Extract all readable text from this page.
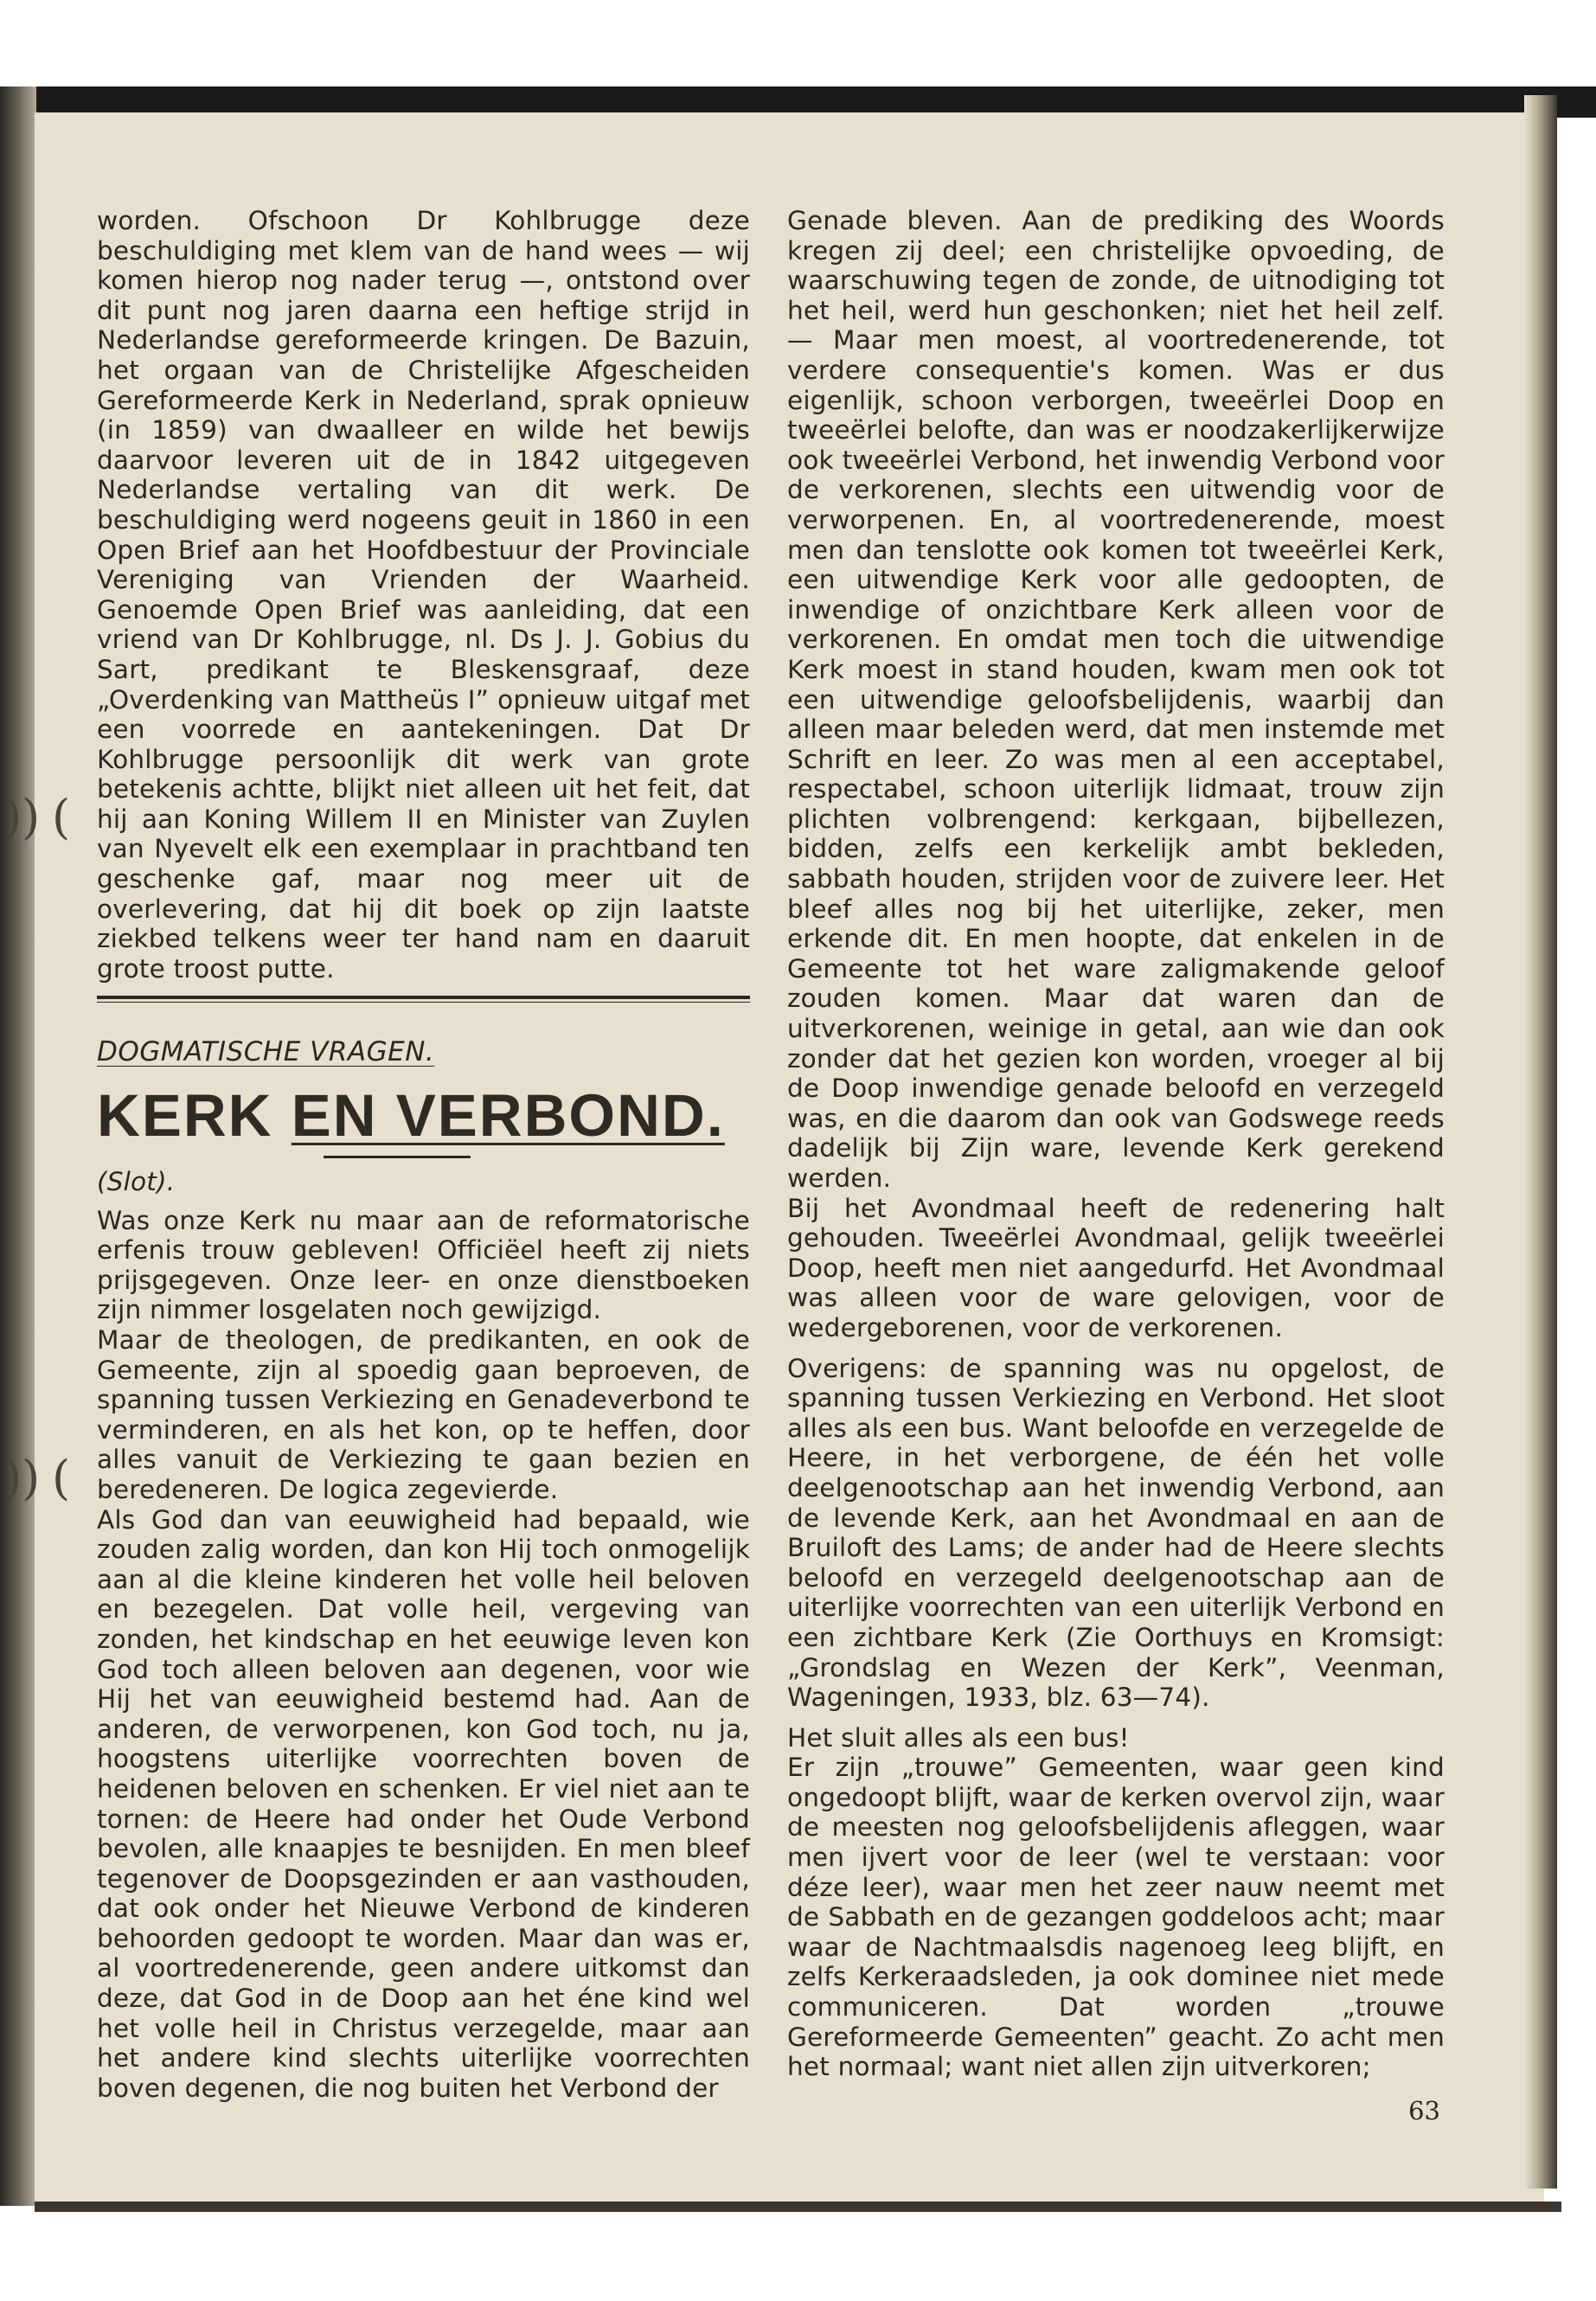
)) (
)) (

worden. Ofschoon Dr Kohlbrugge deze beschuldiging met klem van de hand wees — wij komen hierop nog nader terug —, ontstond over dit punt nog jaren daarna een heftige strijd in Nederlandse gereformeerde kringen. De Bazuin, het orgaan van de Christelijke Afgescheiden Gereformeerde Kerk in Nederland, sprak opnieuw (in 1859) van dwaalleer en wilde het bewijs daarvoor leveren uit de in 1842 uitgegeven Nederlandse vertaling van dit werk. De beschuldiging werd nogeens geuit in 1860 in een Open Brief aan het Hoofdbestuur der Provinciale Vereniging van Vrienden der Waarheid. Genoemde Open Brief was aanleiding, dat een vriend van Dr Kohlbrugge, nl. Ds J. J. Gobius du Sart, predikant te Bleskensgraaf, deze „Overdenking van Mattheüs I” opnieuw uitgaf met een voorrede en aantekeningen. Dat Dr Kohlbrugge persoonlijk dit werk van grote betekenis achtte, blijkt niet alleen uit het feit, dat hij aan Koning Willem II en Minister van Zuylen van Nyevelt elk een exemplaar in prachtband ten geschenke gaf, maar nog meer uit de overlevering, dat hij dit boek op zijn laatste ziekbed telkens weer ter hand nam en daaruit grote troost putte.

DOGMATISCHE VRAGEN.
KERK EN VERBOND.
(Slot).

Was onze Kerk nu maar aan de reformatorische erfenis trouw gebleven! Officiëel heeft zij niets prijsgegeven. Onze leer- en onze dienstboeken zijn nimmer losgelaten noch gewijzigd.

Maar de theologen, de predikanten, en ook de Gemeente, zijn al spoedig gaan beproeven, de spanning tussen Verkiezing en Genadeverbond te verminderen, en als het kon, op te heffen, door alles vanuit de Verkiezing te gaan bezien en beredeneren. De logica zegevierde.

Als God dan van eeuwigheid had bepaald, wie zouden zalig worden, dan kon Hij toch onmogelijk aan al die kleine kinderen het volle heil beloven en bezegelen. Dat volle heil, vergeving van zonden, het kindschap en het eeuwige leven kon God toch alleen beloven aan degenen, voor wie Hij het van eeuwigheid bestemd had. Aan de anderen, de verworpenen, kon God toch, nu ja, hoogstens uiterlijke voorrechten boven de heidenen beloven en schenken. Er viel niet aan te tornen: de Heere had onder het Oude Verbond bevolen, alle knaapjes te besnijden. En men bleef tegenover de Doopsgezinden er aan vasthouden, dat ook onder het Nieuwe Verbond de kinderen behoorden gedoopt te worden. Maar dan was er, al voortredenerende, geen andere uitkomst dan deze, dat God in de Doop aan het éne kind wel het volle heil in Christus verzegelde, maar aan het andere kind slechts uiterlijke voorrechten boven degenen, die nog buiten het Verbond der

Genade bleven. Aan de prediking des Woords kregen zij deel; een christelijke opvoeding, de waarschuwing tegen de zonde, de uitnodiging tot het heil, werd hun geschonken; niet het heil zelf. — Maar men moest, al voortredenerende, tot verdere consequentie's komen. Was er dus eigenlijk, schoon verborgen, tweeërlei Doop en tweeërlei belofte, dan was er noodzakerlijkerwijze ook tweeërlei Verbond, het inwendig Verbond voor de verkorenen, slechts een uitwendig voor de verworpenen. En, al voortredenerende, moest men dan tenslotte ook komen tot tweeërlei Kerk, een uitwendige Kerk voor alle gedoopten, de inwendige of onzichtbare Kerk alleen voor de verkorenen. En omdat men toch die uitwendige Kerk moest in stand houden, kwam men ook tot een uitwendige geloofsbelijdenis, waarbij dan alleen maar beleden werd, dat men instemde met Schrift en leer. Zo was men al een acceptabel, respectabel, schoon uiterlijk lidmaat, trouw zijn plichten volbrengend: kerkgaan, bijbellezen, bidden, zelfs een kerkelijk ambt bekleden, sabbath houden, strijden voor de zuivere leer. Het bleef alles nog bij het uiterlijke, zeker, men erkende dit. En men hoopte, dat enkelen in de Gemeente tot het ware zaligmakende geloof zouden komen. Maar dat waren dan de uitverkorenen, weinige in getal, aan wie dan ook zonder dat het gezien kon worden, vroeger al bij de Doop inwendige genade beloofd en verzegeld was, en die daarom dan ook van Godswege reeds dadelijk bij Zijn ware, levende Kerk gerekend werden.

Bij het Avondmaal heeft de redenering halt gehouden. Tweeërlei Avondmaal, gelijk tweeërlei Doop, heeft men niet aangedurfd. Het Avondmaal was alleen voor de ware gelovigen, voor de wedergeborenen, voor de verkorenen.

Overigens: de spanning was nu opgelost, de spanning tussen Verkiezing en Verbond. Het sloot alles als een bus. Want beloofde en verzegelde de Heere, in het verborgene, de één het volle deelgenootschap aan het inwendig Verbond, aan de levende Kerk, aan het Avondmaal en aan de Bruiloft des Lams; de ander had de Heere slechts beloofd en verzegeld deelgenootschap aan de uiterlijke voorrechten van een uiterlijk Verbond en een zichtbare Kerk (Zie Oorthuys en Kromsigt: „Grondslag en Wezen der Kerk”, Veenman, Wageningen, 1933, blz. 63—74).

Het sluit alles als een bus!

Er zijn „trouwe” Gemeenten, waar geen kind ongedoopt blijft, waar de kerken overvol zijn, waar de meesten nog geloofsbelijdenis afleggen, waar men ijvert voor de leer (wel te verstaan: voor déze leer), waar men het zeer nauw neemt met de Sabbath en de gezangen goddeloos acht; maar waar de Nachtmaalsdis nagenoeg leeg blijft, en zelfs Kerkeraadsleden, ja ook dominee niet mede communiceren. Dat worden „trouwe Gereformeerde Gemeenten” geacht. Zo acht men het normaal; want niet allen zijn uitverkoren;

63
